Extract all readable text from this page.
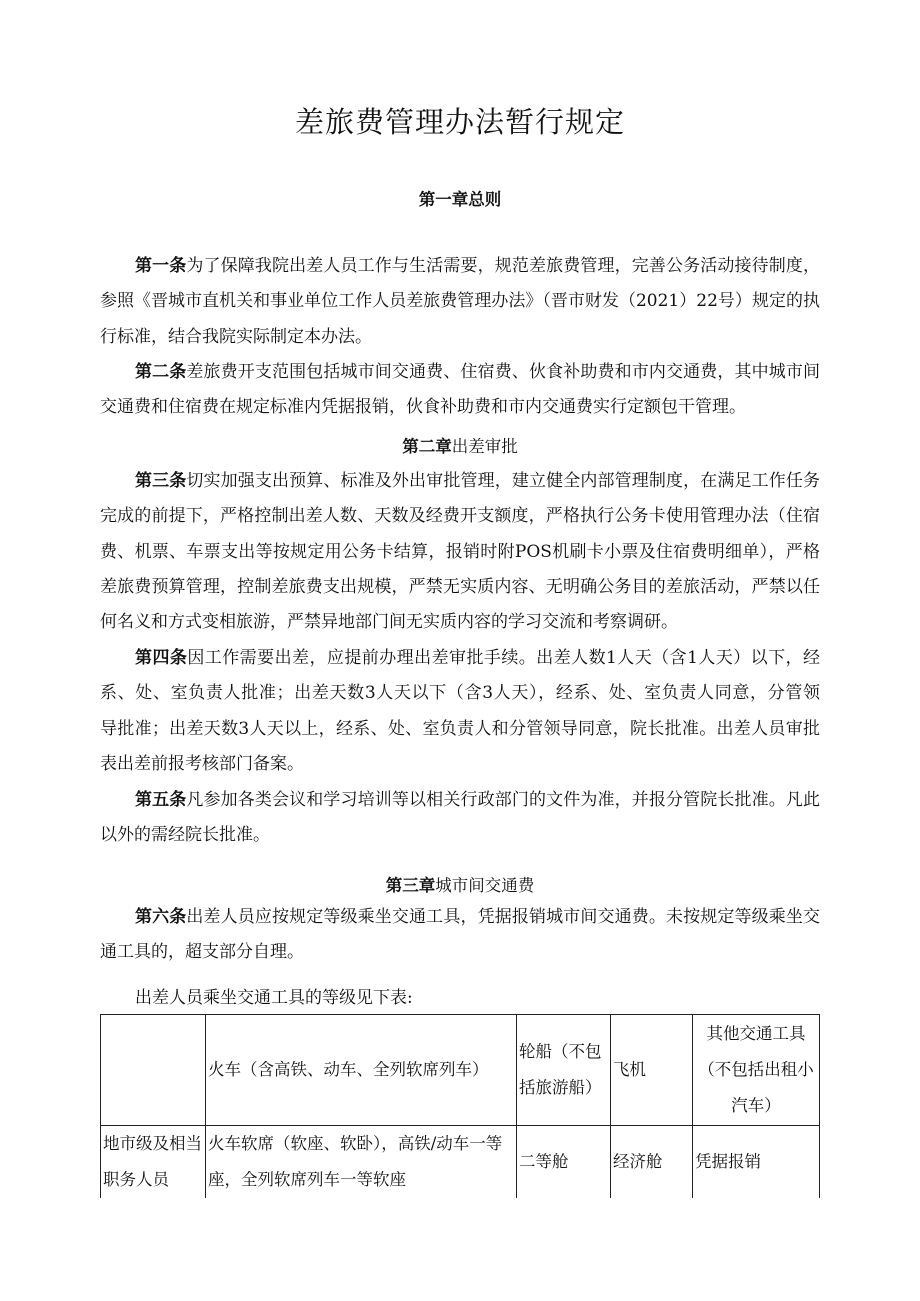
差旅费管理办法暂行规定
第一章总则
第一条为了保障我院出差人员工作与生活需要，规范差旅费管理，完善公务活动接待制度，
参照《晋城市直机关和事业单位工作人员差旅费管理办法》（晋市财发（2021）22号）规定的执
行标准，结合我院实际制定本办法。
第二条差旅费开支范围包括城市间交通费、住宿费、伙食补助费和市内交通费，其中城市间
交通费和住宿费在规定标准内凭据报销，伙食补助费和市内交通费实行定额包干管理。
第二章出差审批
第三条切实加强支出预算、标准及外出审批管理，建立健全内部管理制度，在满足工作任务
完成的前提下，严格控制出差人数、天数及经费开支额度，严格执行公务卡使用管理办法（住宿
费、机票、车票支出等按规定用公务卡结算，报销时附POS机刷卡小票及住宿费明细单），严格
差旅费预算管理，控制差旅费支出规模，严禁无实质内容、无明确公务目的差旅活动，严禁以任
何名义和方式变相旅游，严禁异地部门间无实质内容的学习交流和考察调研。
第四条因工作需要出差，应提前办理出差审批手续。出差人数1人天（含1人天）以下，经
系、处、室负责人批准；出差天数3人天以下（含3人天），经系、处、室负责人同意，分管领
导批准；出差天数3人天以上，经系、处、室负责人和分管领导同意，院长批准。出差人员审批
表出差前报考核部门备案。
第五条凡参加各类会议和学习培训等以相关行政部门的文件为准，并报分管院长批准。凡此
以外的需经院长批准。
第三章城市间交通费
第六条出差人员应按规定等级乘坐交通工具，凭据报销城市间交通费。未按规定等级乘坐交
通工具的，超支部分自理。
出差人员乘坐交通工具的等级见下表:
	火车（含高铁、动车、全列软席列车）	轮船（不包括旅游船）	飞机	其他交通工具（不包括出租小汽车）
地市级及相当职务人员	火车软席（软座、软卧），高铁/动车一等座，全列软席列车一等软座	二等舱	经济舱	凭据报销
